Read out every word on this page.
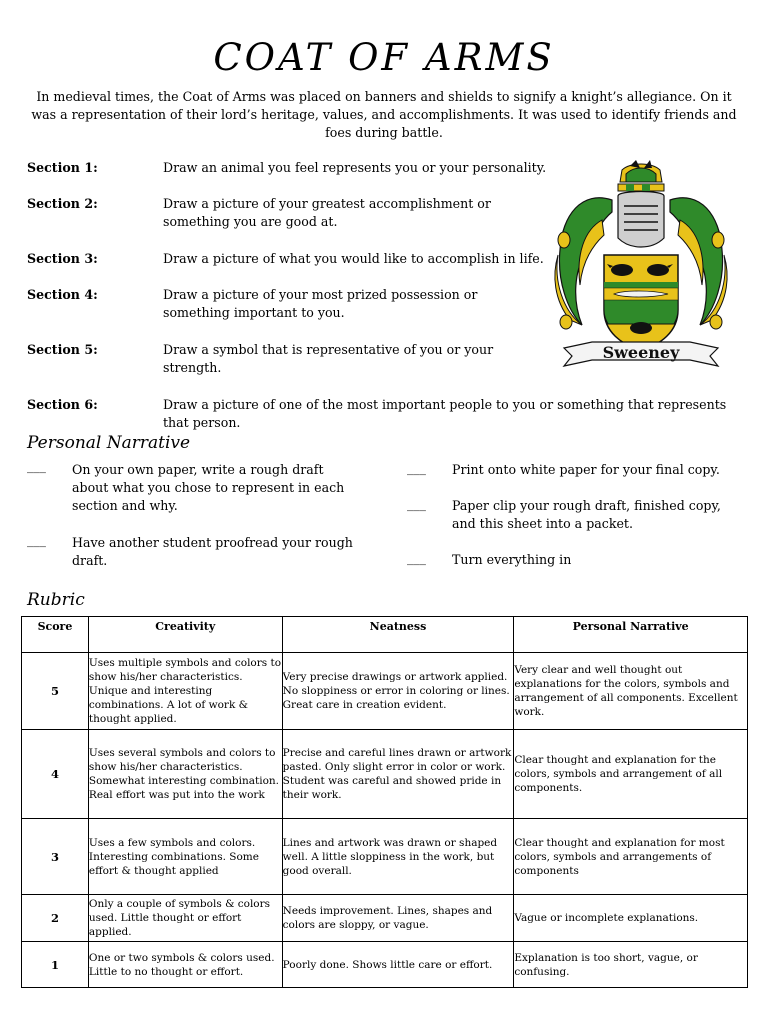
COAT OF ARMS

In medieval times, the Coat of Arms was placed on banners and shields to signify a knight’s allegiance. On it was a representation of their lord’s heritage, values, and accomplishments. It was used to identify friends and foes during battle.

Section 1:	Draw an animal you feel represents you or your personality.
Section 2:	Draw a picture of your greatest accomplishment or something you are good at.
Section 3:	Draw a picture of what you would like to accomplish in life.
Section 4:	Draw a picture of your most prized possession or something important to you.
Section 5:	Draw a symbol that is representative of you or your strength.
Section 6:	Draw a picture of one of the most important people to you or something that represents that person.
Sweeney
Personal Narrative
___ On your own paper, write a rough draft about what you chose to represent in each section and why.
___ Have another student proofread your rough draft.
___ Print onto white paper for your final copy.
___ Paper clip your rough draft, finished copy, and this sheet into a packet.
___ Turn everything in
Rubric
Score	Creativity	Neatness	Personal Narrative
5	Uses multiple symbols and colors to show his/her characteristics. Unique and interesting combinations. A lot of work & thought applied.	Very precise drawings or artwork applied. No sloppiness or error in coloring or lines. Great care in creation evident.	Very clear and well thought out explanations for the colors, symbols and arrangement of all components. Excellent work.
4	Uses several symbols and colors to show his/her characteristics. Somewhat interesting combination. Real effort was put into the work	Precise and careful lines drawn or artwork pasted. Only slight error in color or work. Student was careful and showed pride in their work.	Clear thought and explanation for the colors, symbols and arrangement of all components.
3	Uses a few symbols and colors. Interesting combinations. Some effort & thought applied	Lines and artwork was drawn or shaped well. A little sloppiness in the work, but good overall.	Clear thought and explanation for most colors, symbols and arrangements of components
2	Only a couple of symbols & colors used. Little thought or effort applied.	Needs improvement. Lines, shapes and colors are sloppy, or vague.	Vague or incomplete explanations.
1	One or two symbols & colors used. Little to no thought or effort.	Poorly done. Shows little care or effort.	Explanation is too short, vague, or confusing.
